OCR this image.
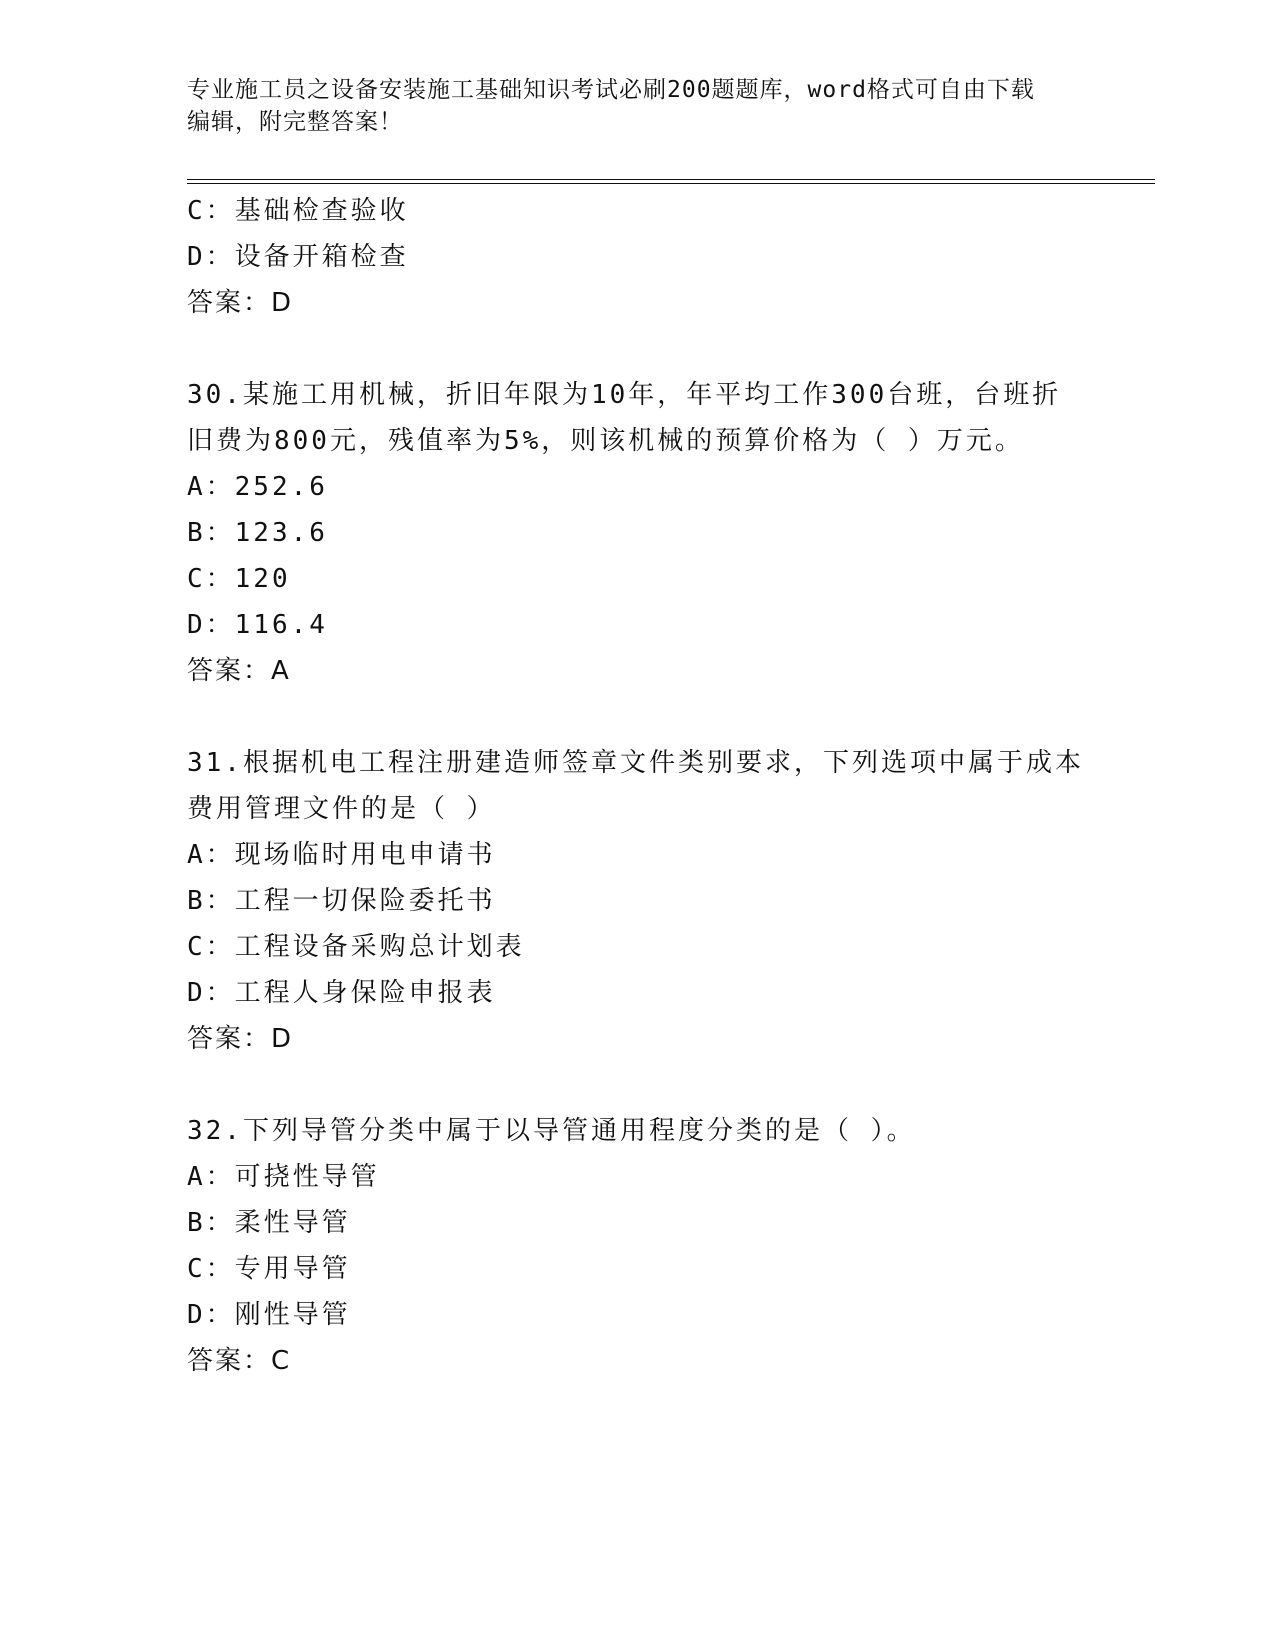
专业施工员之设备安装施工基础知识考试必刷200题题库，word格式可自由下载
编辑，附完整答案！
C：基础检查验收
D：设备开箱检查
答案：D
30.某施工用机械，折旧年限为10年，年平均工作300台班，台班折
旧费为800元，残值率为5%，则该机械的预算价格为（ ）万元。
A：252.6
B：123.6
C：120
D：116.4
答案：A
31.根据机电工程注册建造师签章文件类别要求，下列选项中属于成本
费用管理文件的是（ ）
A：现场临时用电申请书
B：工程一切保险委托书
C：工程设备采购总计划表
D：工程人身保险申报表
答案：D
32.下列导管分类中属于以导管通用程度分类的是（ ）。
A：可挠性导管
B：柔性导管
C：专用导管
D：刚性导管
答案：C
